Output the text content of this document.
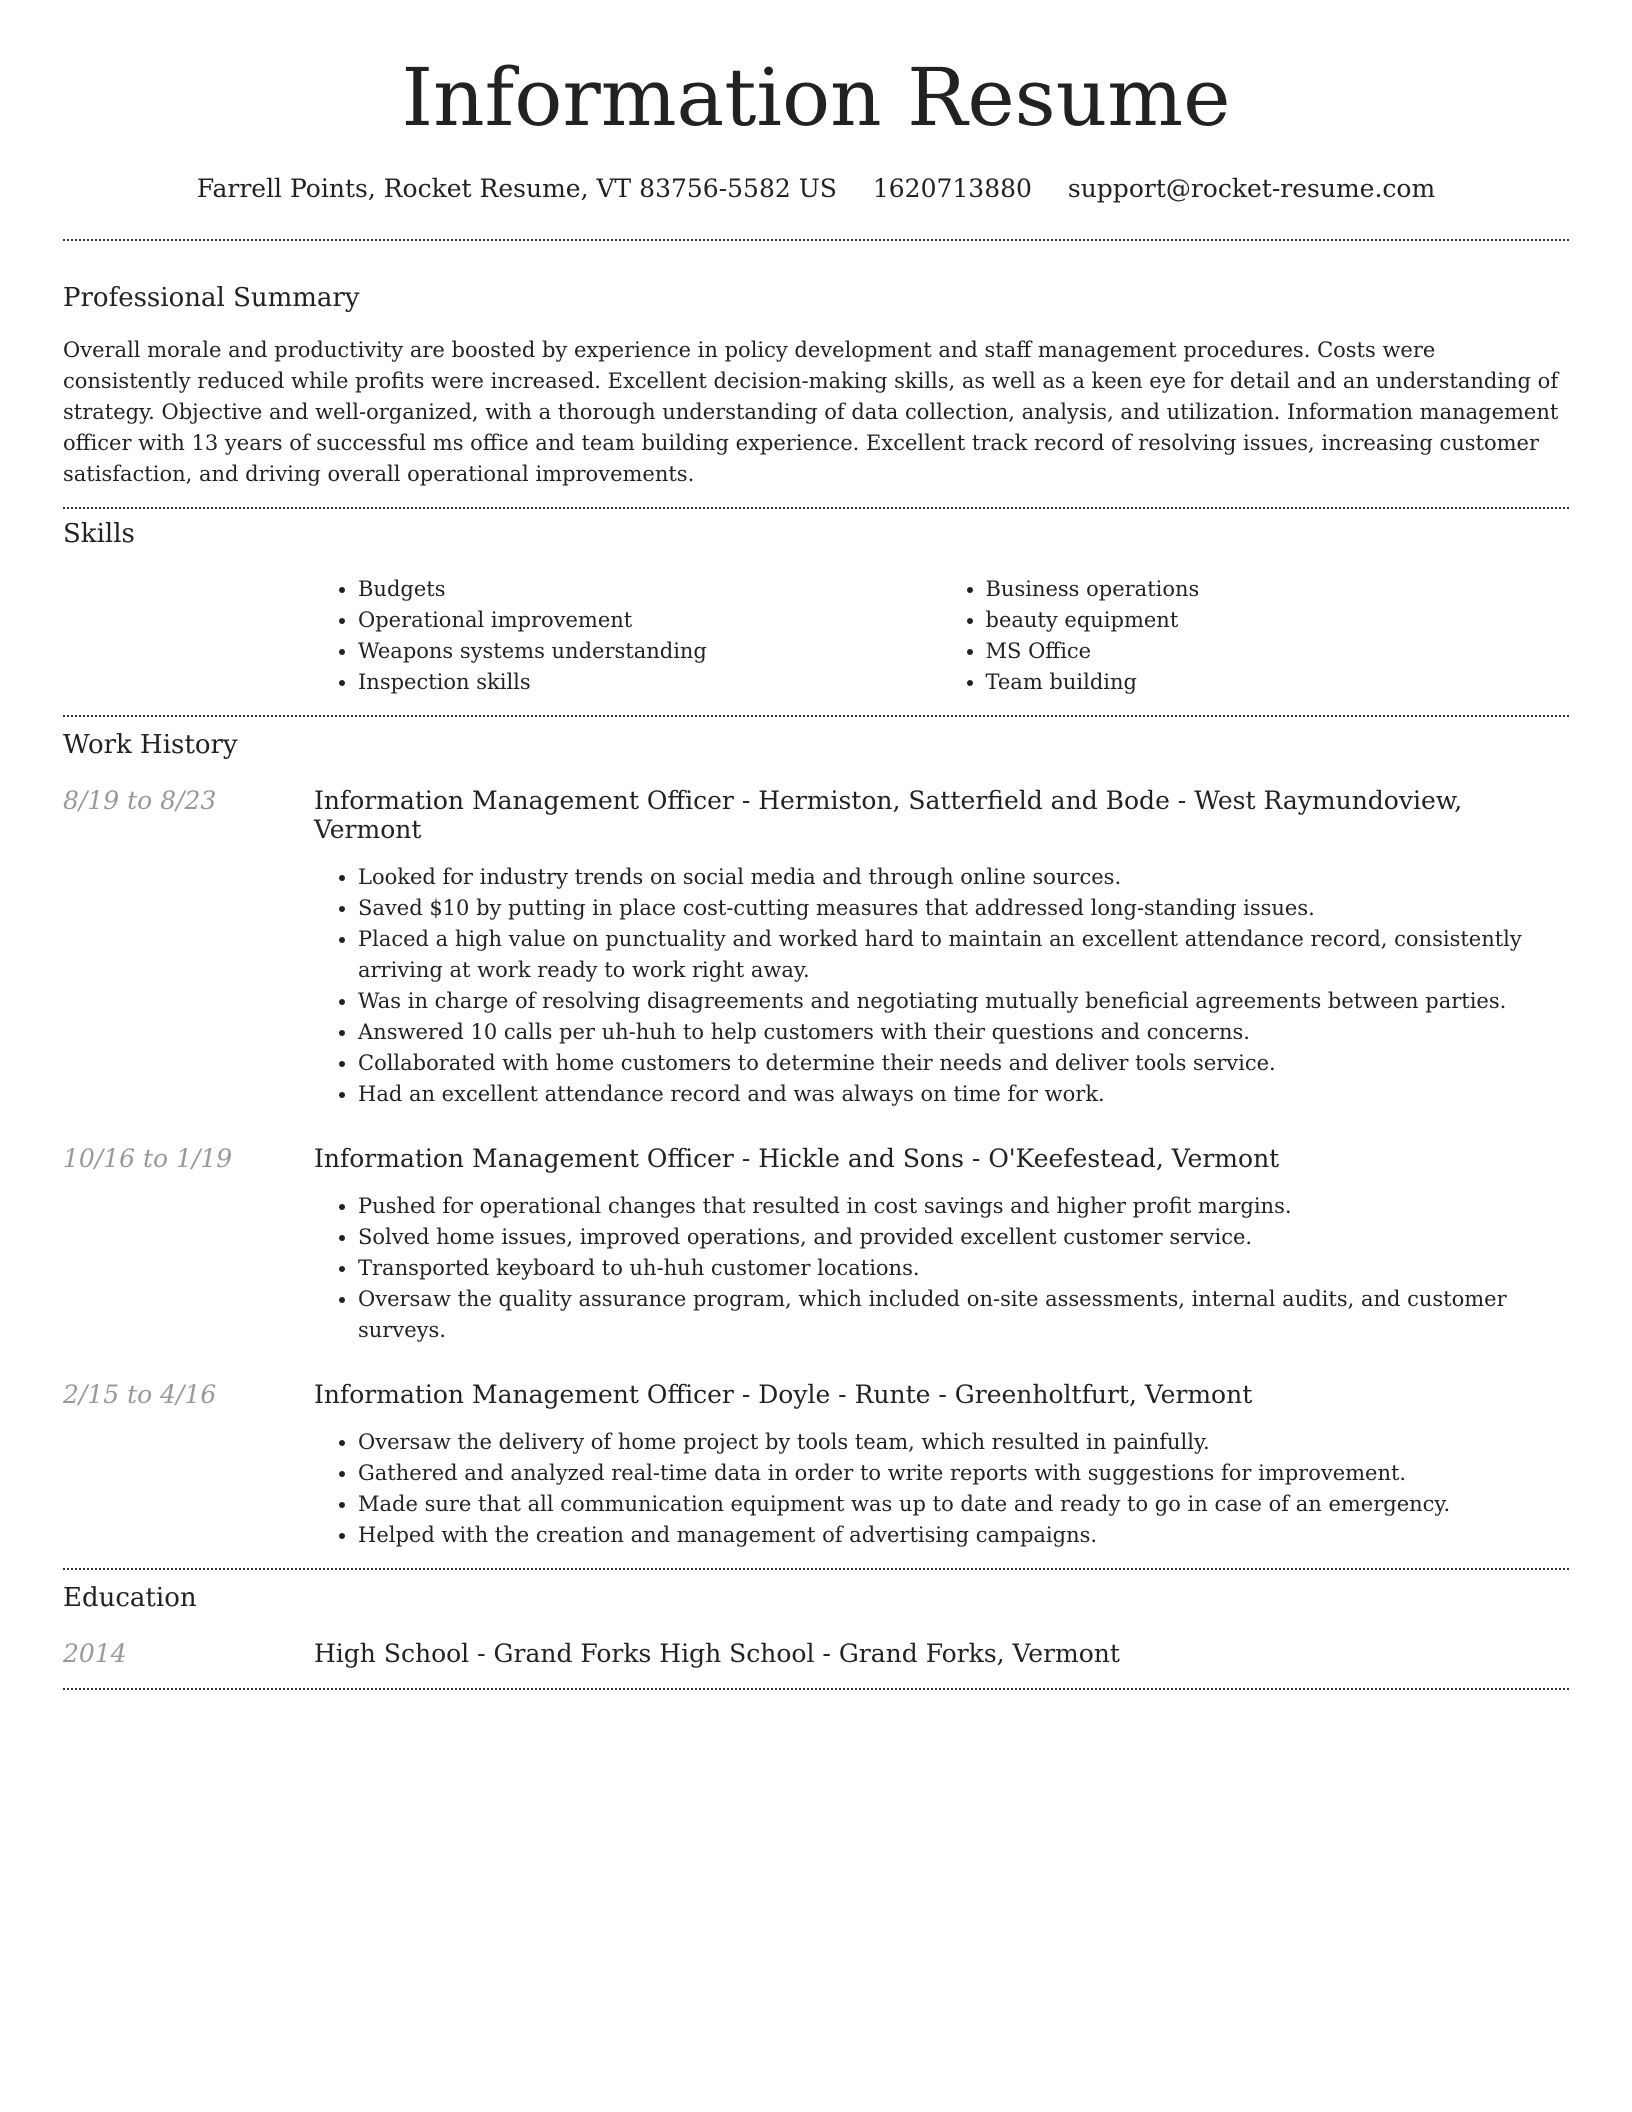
Information Resume
Farrell Points, Rocket Resume, VT 83756-5582 US 1620713880 support@rocket-resume.com
Professional Summary

Overall morale and productivity are boosted by experience in policy development and staff management procedures. Costs were consistently reduced while profits were increased. Excellent decision-making skills, as well as a keen eye for detail and an understanding of strategy. Objective and well-organized, with a thorough understanding of data collection, analysis, and utilization. Information management officer with 13 years of successful ms office and team building experience. Excellent track record of resolving issues, increasing customer satisfaction, and driving overall operational improvements.

Skills
• Budgets
• Operational improvement
• Weapons systems understanding
• Inspection skills
• Business operations
• beauty equipment
• MS Office
• Team building
Work History
8/19 to 8/23	Information Management Officer - Hermiston, Satterfield and Bode - West Raymundoview, Vermont
• Looked for industry trends on social media and through online sources.
• Saved $10 by putting in place cost-cutting measures that addressed long-standing issues.
• Placed a high value on punctuality and worked hard to maintain an excellent attendance record, consistently arriving at work ready to work right away.
• Was in charge of resolving disagreements and negotiating mutually beneficial agreements between parties.
• Answered 10 calls per uh-huh to help customers with their questions and concerns.
• Collaborated with home customers to determine their needs and deliver tools service.
• Had an excellent attendance record and was always on time for work.
10/16 to 1/19	Information Management Officer - Hickle and Sons - O'Keefestead, Vermont
• Pushed for operational changes that resulted in cost savings and higher profit margins.
• Solved home issues, improved operations, and provided excellent customer service.
• Transported keyboard to uh-huh customer locations.
• Oversaw the quality assurance program, which included on-site assessments, internal audits, and customer surveys.
2/15 to 4/16	Information Management Officer - Doyle - Runte - Greenholtfurt, Vermont
• Oversaw the delivery of home project by tools team, which resulted in painfully.
• Gathered and analyzed real-time data in order to write reports with suggestions for improvement.
• Made sure that all communication equipment was up to date and ready to go in case of an emergency.
• Helped with the creation and management of advertising campaigns.
Education
2014	High School - Grand Forks High School - Grand Forks, Vermont
